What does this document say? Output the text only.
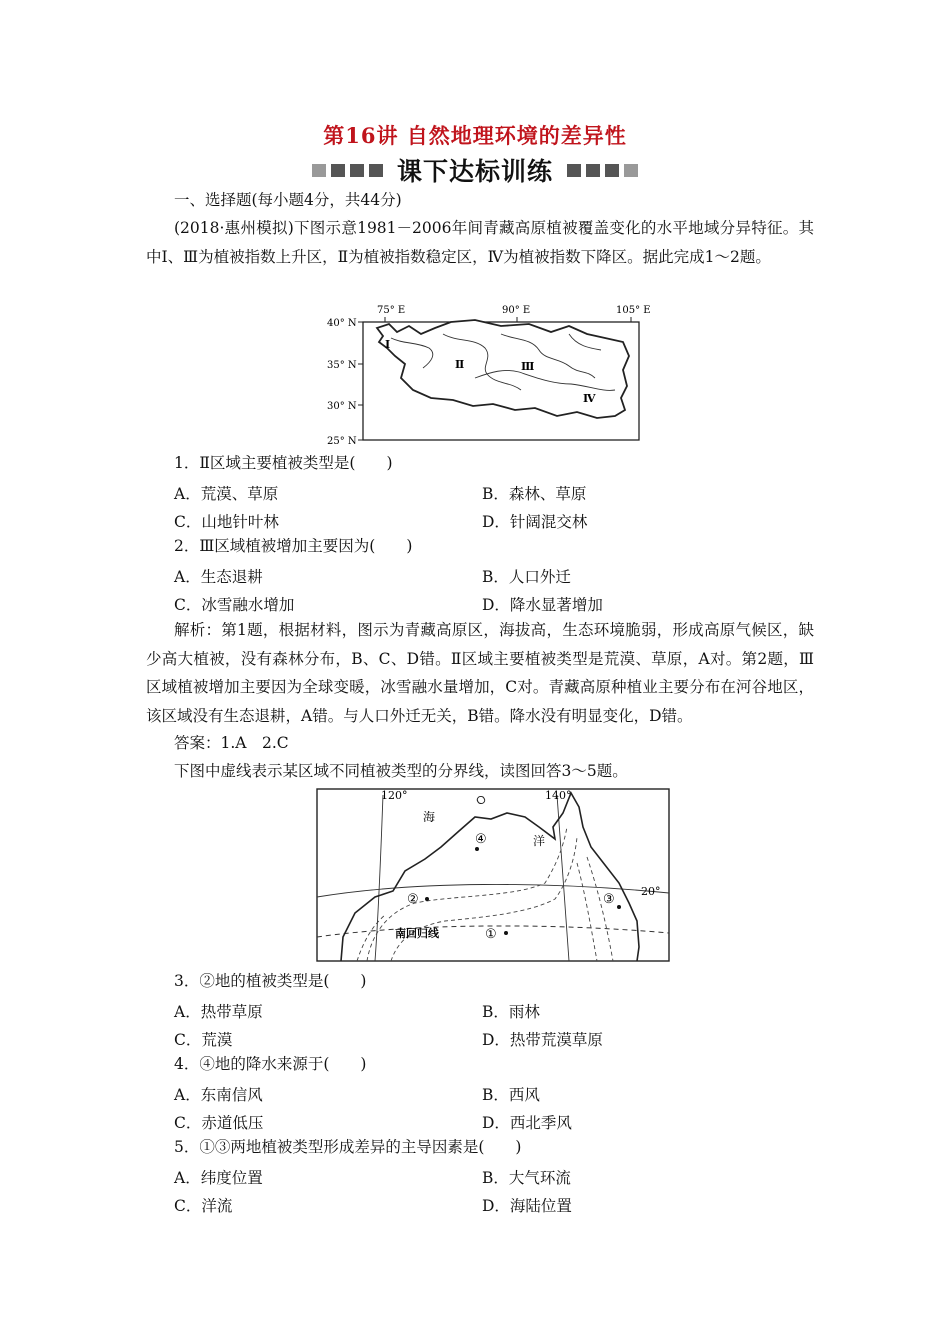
第16讲 自然地理环境的差异性
课下达标训练
一、选择题(每小题4分，共44分)
(2018·惠州模拟)下图示意1981－2006年间青藏高原植被覆盖变化的水平地域分异特征。其中Ⅰ、Ⅲ为植被指数上升区，Ⅱ为植被指数稳定区，Ⅳ为植被指数下降区。据此完成1～2题。
75° E	90° E	105° E
40° N
35° N
30° N
25° N
Ⅰ
Ⅱ	Ⅲ
Ⅳ
1．Ⅱ区域主要植被类型是(　　)
A．荒漠、草原	B．森林、草原
C．山地针叶林	D．针阔混交林
2．Ⅲ区域植被增加主要因为(　　)
A．生态退耕	B．人口外迁
C．冰雪融水增加	D．降水显著增加
解析：第1题，根据材料，图示为青藏高原区，海拔高，生态环境脆弱，形成高原气候区，缺少高大植被，没有森林分布，B、C、D错。Ⅱ区域主要植被类型是荒漠、草原，A对。第2题，Ⅲ区域植被增加主要因为全球变暖，冰雪融水量增加，C对。青藏高原种植业主要分布在河谷地区，该区域没有生态退耕，A错。与人口外迁无关，B错。降水没有明显变化，D错。
答案：1.A　2.C
下图中虚线表示某区域不同植被类型的分界线，读图回答3～5题。
120°	140°
20°
海
洋
南回归线	①
②	③
④
3．②地的植被类型是(　　)
A．热带草原	B．雨林
C．荒漠	D．热带荒漠草原
4．④地的降水来源于(　　)
A．东南信风	B．西风
C．赤道低压	D．西北季风
5．①③两地植被类型形成差异的主导因素是(　　)
A．纬度位置	B．大气环流
C．洋流	D．海陆位置
